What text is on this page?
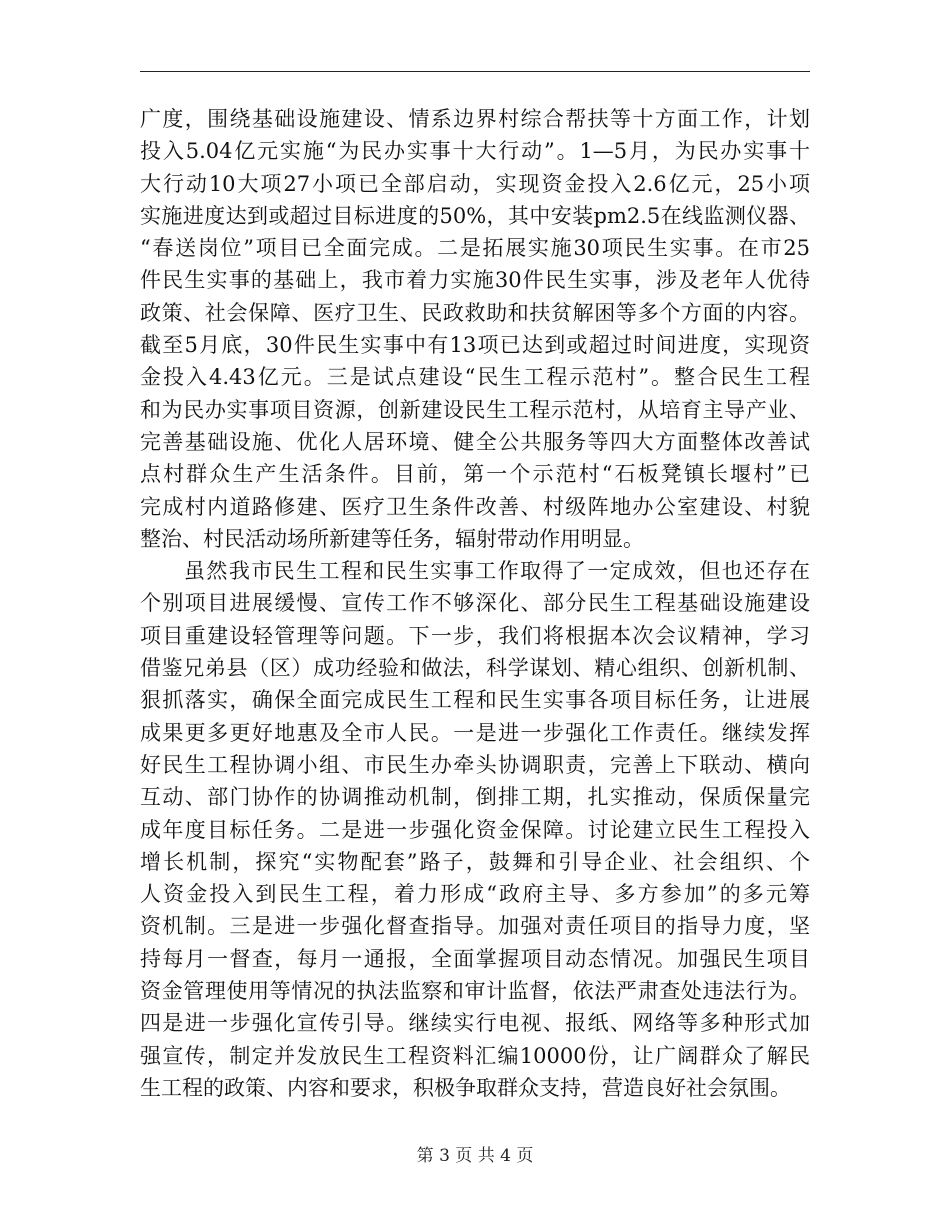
广度，围绕基础设施建设、情系边界村综合帮扶等十方面工作，计划
投入5.04亿元实施“为民办实事十大行动”。1—5月，为民办实事十
大行动10大项27小项已全部启动，实现资金投入2.6亿元，25小项
实施进度达到或超过目标进度的50%，其中安装pm2.5在线监测仪器、
“春送岗位”项目已全面完成。二是拓展实施30项民生实事。在市25
件民生实事的基础上，我市着力实施30件民生实事，涉及老年人优待
政策、社会保障、医疗卫生、民政救助和扶贫解困等多个方面的内容。
截至5月底，30件民生实事中有13项已达到或超过时间进度，实现资
金投入4.43亿元。三是试点建设“民生工程示范村”。整合民生工程
和为民办实事项目资源，创新建设民生工程示范村，从培育主导产业、
完善基础设施、优化人居环境、健全公共服务等四大方面整体改善试
点村群众生产生活条件。目前，第一个示范村“石板凳镇长堰村”已
完成村内道路修建、医疗卫生条件改善、村级阵地办公室建设、村貌
整治、村民活动场所新建等任务，辐射带动作用明显。
虽然我市民生工程和民生实事工作取得了一定成效，但也还存在
个别项目进展缓慢、宣传工作不够深化、部分民生工程基础设施建设
项目重建设轻管理等问题。下一步，我们将根据本次会议精神，学习
借鉴兄弟县（区）成功经验和做法，科学谋划、精心组织、创新机制、
狠抓落实，确保全面完成民生工程和民生实事各项目标任务，让进展
成果更多更好地惠及全市人民。一是进一步强化工作责任。继续发挥
好民生工程协调小组、市民生办牵头协调职责，完善上下联动、横向
互动、部门协作的协调推动机制，倒排工期，扎实推动，保质保量完
成年度目标任务。二是进一步强化资金保障。讨论建立民生工程投入
增长机制，探究“实物配套”路子，鼓舞和引导企业、社会组织、个
人资金投入到民生工程，着力形成“政府主导、多方参加”的多元筹
资机制。三是进一步强化督查指导。加强对责任项目的指导力度，坚
持每月一督查，每月一通报，全面掌握项目动态情况。加强民生项目
资金管理使用等情况的执法监察和审计监督，依法严肃查处违法行为。
四是进一步强化宣传引导。继续实行电视、报纸、网络等多种形式加
强宣传，制定并发放民生工程资料汇编10000份，让广阔群众了解民
生工程的政策、内容和要求，积极争取群众支持，营造良好社会氛围。
第 3 页 共 4 页
